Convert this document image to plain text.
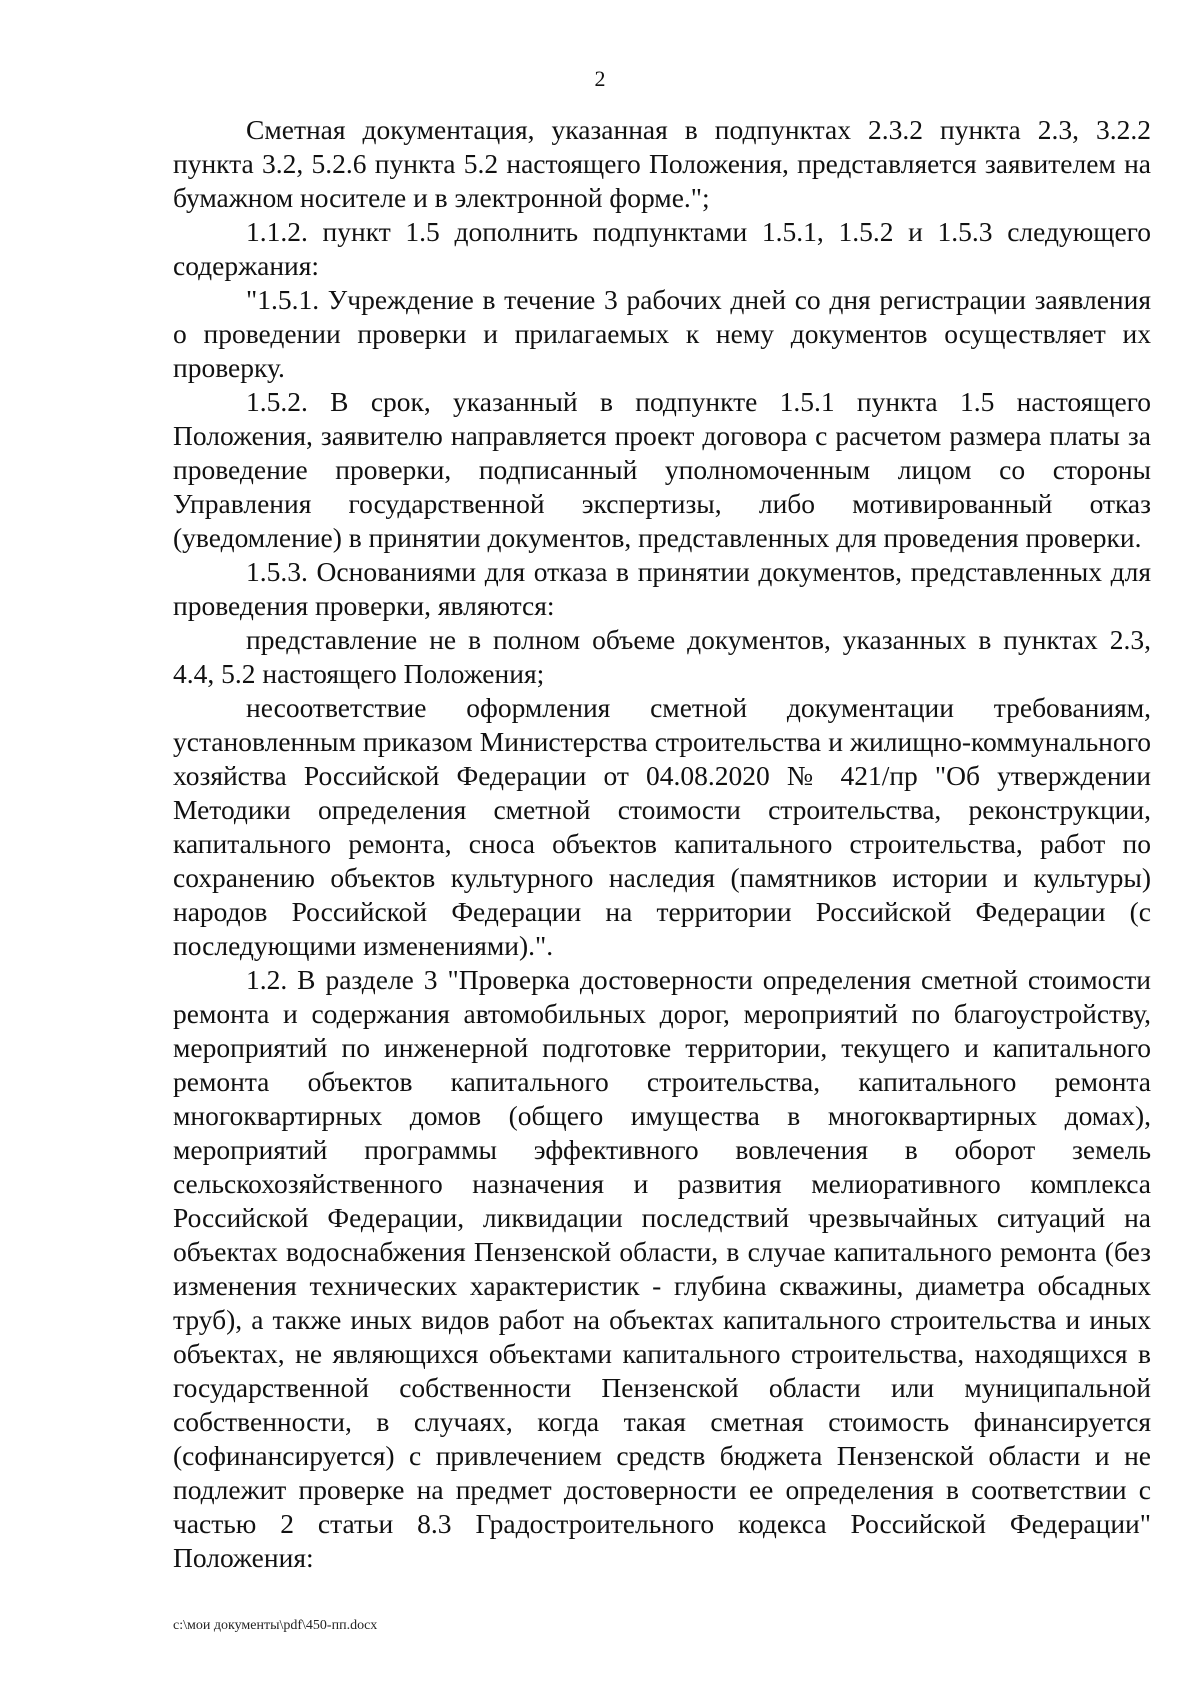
2

Сметная документация, указанная в подпунктах 2.3.2 пункта 2.3, 3.2.2 пункта 3.2, 5.2.6 пункта 5.2 настоящего Положения, представляется заявителем на бумажном носителе и в электронной форме.";

1.1.2. пункт 1.5 дополнить подпунктами 1.5.1, 1.5.2 и 1.5.3 следующего содержания:

"1.5.1. Учреждение в течение 3 рабочих дней со дня регистрации заявления о проведении проверки и прилагаемых к нему документов осуществляет их проверку.

1.5.2. В срок, указанный в подпункте 1.5.1 пункта 1.5 настоящего Положения, заявителю направляется проект договора с расчетом размера платы за проведение проверки, подписанный уполномоченным лицом со стороны Управления государственной экспертизы, либо мотивированный отказ (уведомление) в принятии документов, представленных для проведения проверки.

1.5.3. Основаниями для отказа в принятии документов, представленных для проведения проверки, являются:

представление не в полном объеме документов, указанных в пунктах 2.3, 4.4, 5.2 настоящего Положения;

несоответствие оформления сметной документации требованиям, установленным приказом Министерства строительства и жилищно-коммунального хозяйства Российской Федерации от 04.08.2020 № 421/пр "Об утверждении Методики определения сметной стоимости строительства, реконструкции, капитального ремонта, сноса объектов капитального строительства, работ по сохранению объектов культурного наследия (памятников истории и культуры) народов Российской Федерации на территории Российской Федерации (с последующими изменениями).".

1.2. В разделе 3 "Проверка достоверности определения сметной стоимости ремонта и содержания автомобильных дорог, мероприятий по благоустройству, мероприятий по инженерной подготовке территории, текущего и капитального ремонта объектов капитального строительства, капитального ремонта многоквартирных домов (общего имущества в многоквартирных домах), мероприятий программы эффективного вовлечения в оборот земель сельскохозяйственного назначения и развития мелиоративного комплекса Российской Федерации, ликвидации последствий чрезвычайных ситуаций на объектах водоснабжения Пензенской области, в случае капитального ремонта (без изменения технических характеристик - глубина скважины, диаметра обсадных труб), а также иных видов работ на объектах капитального строительства и иных объектах, не являющихся объектами капитального строительства, находящихся в государственной собственности Пензенской области или муниципальной собственности, в случаях, когда такая сметная стоимость финансируется (софинансируется) с привлечением средств бюджета Пензенской области и не подлежит проверке на предмет достоверности ее определения в соответствии с частью 2 статьи 8.3 Градостроительного кодекса Российской Федерации" Положения:

c:\мои документы\pdf\450-пп.docx
